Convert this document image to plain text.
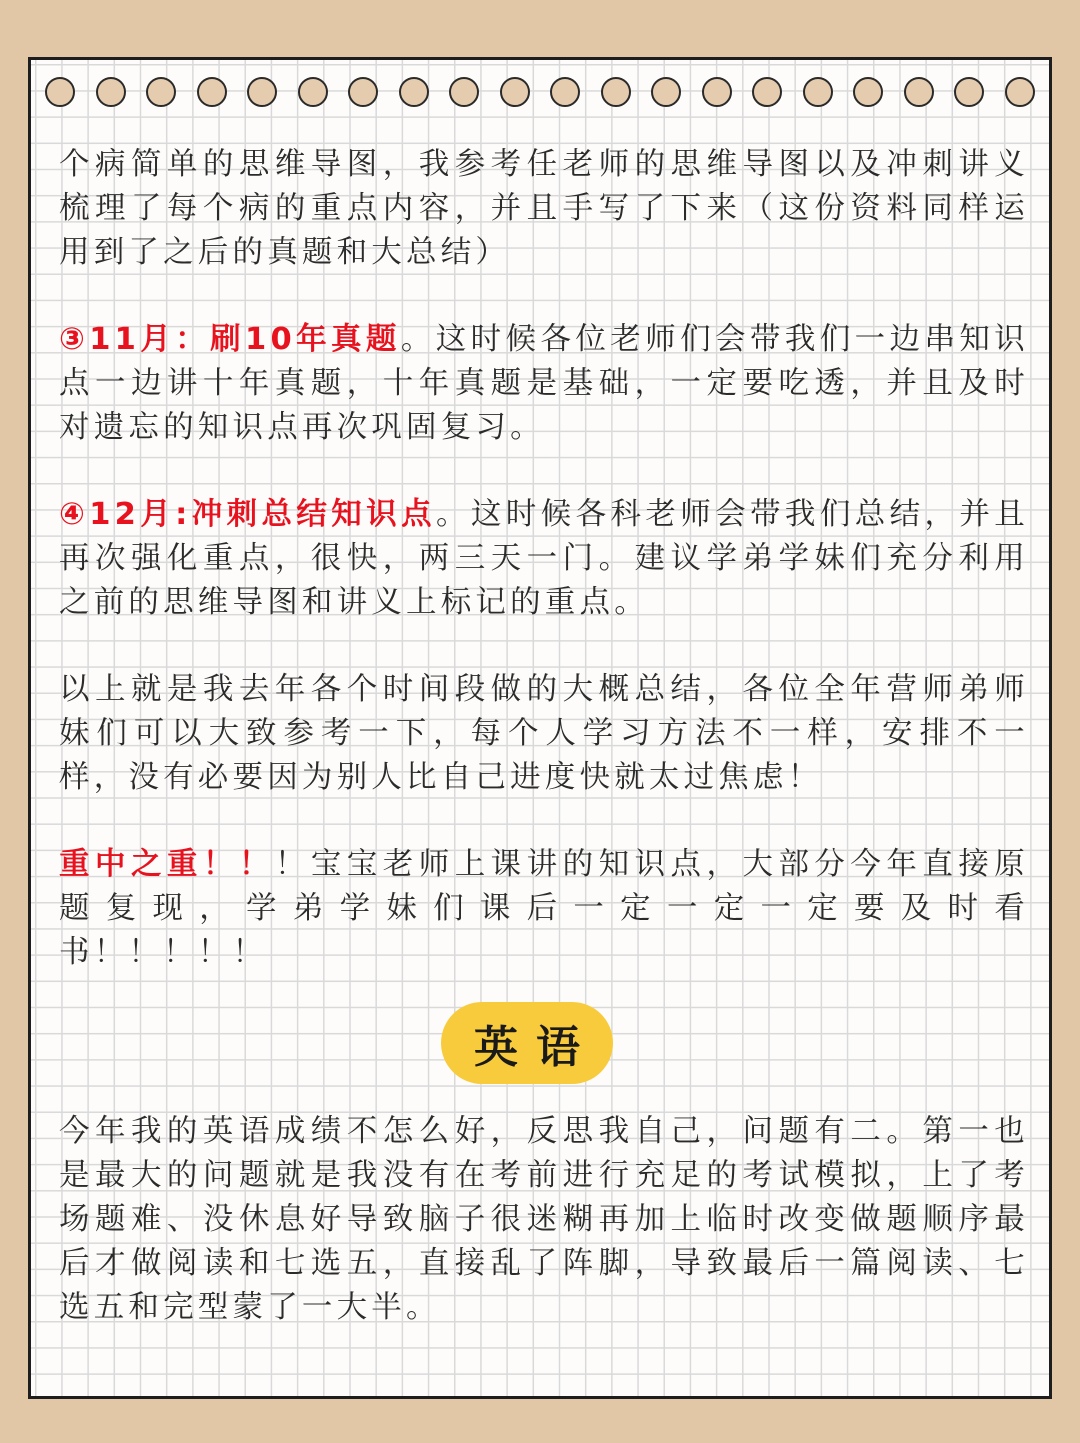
个病简单的思维导图，我参考任老师的思维导图以及冲刺讲义梳理了每个病的重点内容，并且手写了下来（这份资料同样运用到了之后的真题和大总结）

③11月：刷10年真题。这时候各位老师们会带我们一边串知识点一边讲十年真题，十年真题是基础，一定要吃透，并且及时对遗忘的知识点再次巩固复习。

④12月:冲刺总结知识点。这时候各科老师会带我们总结，并且再次强化重点，很快，两三天一门。建议学弟学妹们充分利用之前的思维导图和讲义上标记的重点。

以上就是我去年各个时间段做的大概总结，各位全年营师弟师妹们可以大致参考一下，每个人学习方法不一样，安排不一样，没有必要因为别人比自己进度快就太过焦虑！

重中之重！！！宝宝老师上课讲的知识点，大部分今年直接原题复现，学弟学妹们课后一定一定一定要及时看

书！！！！！

英语

今年我的英语成绩不怎么好，反思我自己，问题有二。第一也是最大的问题就是我没有在考前进行充足的考试模拟，上了考场题难、没休息好导致脑子很迷糊再加上临时改变做题顺序最后才做阅读和七选五，直接乱了阵脚，导致最后一篇阅读、七选五和完型蒙了一大半。
